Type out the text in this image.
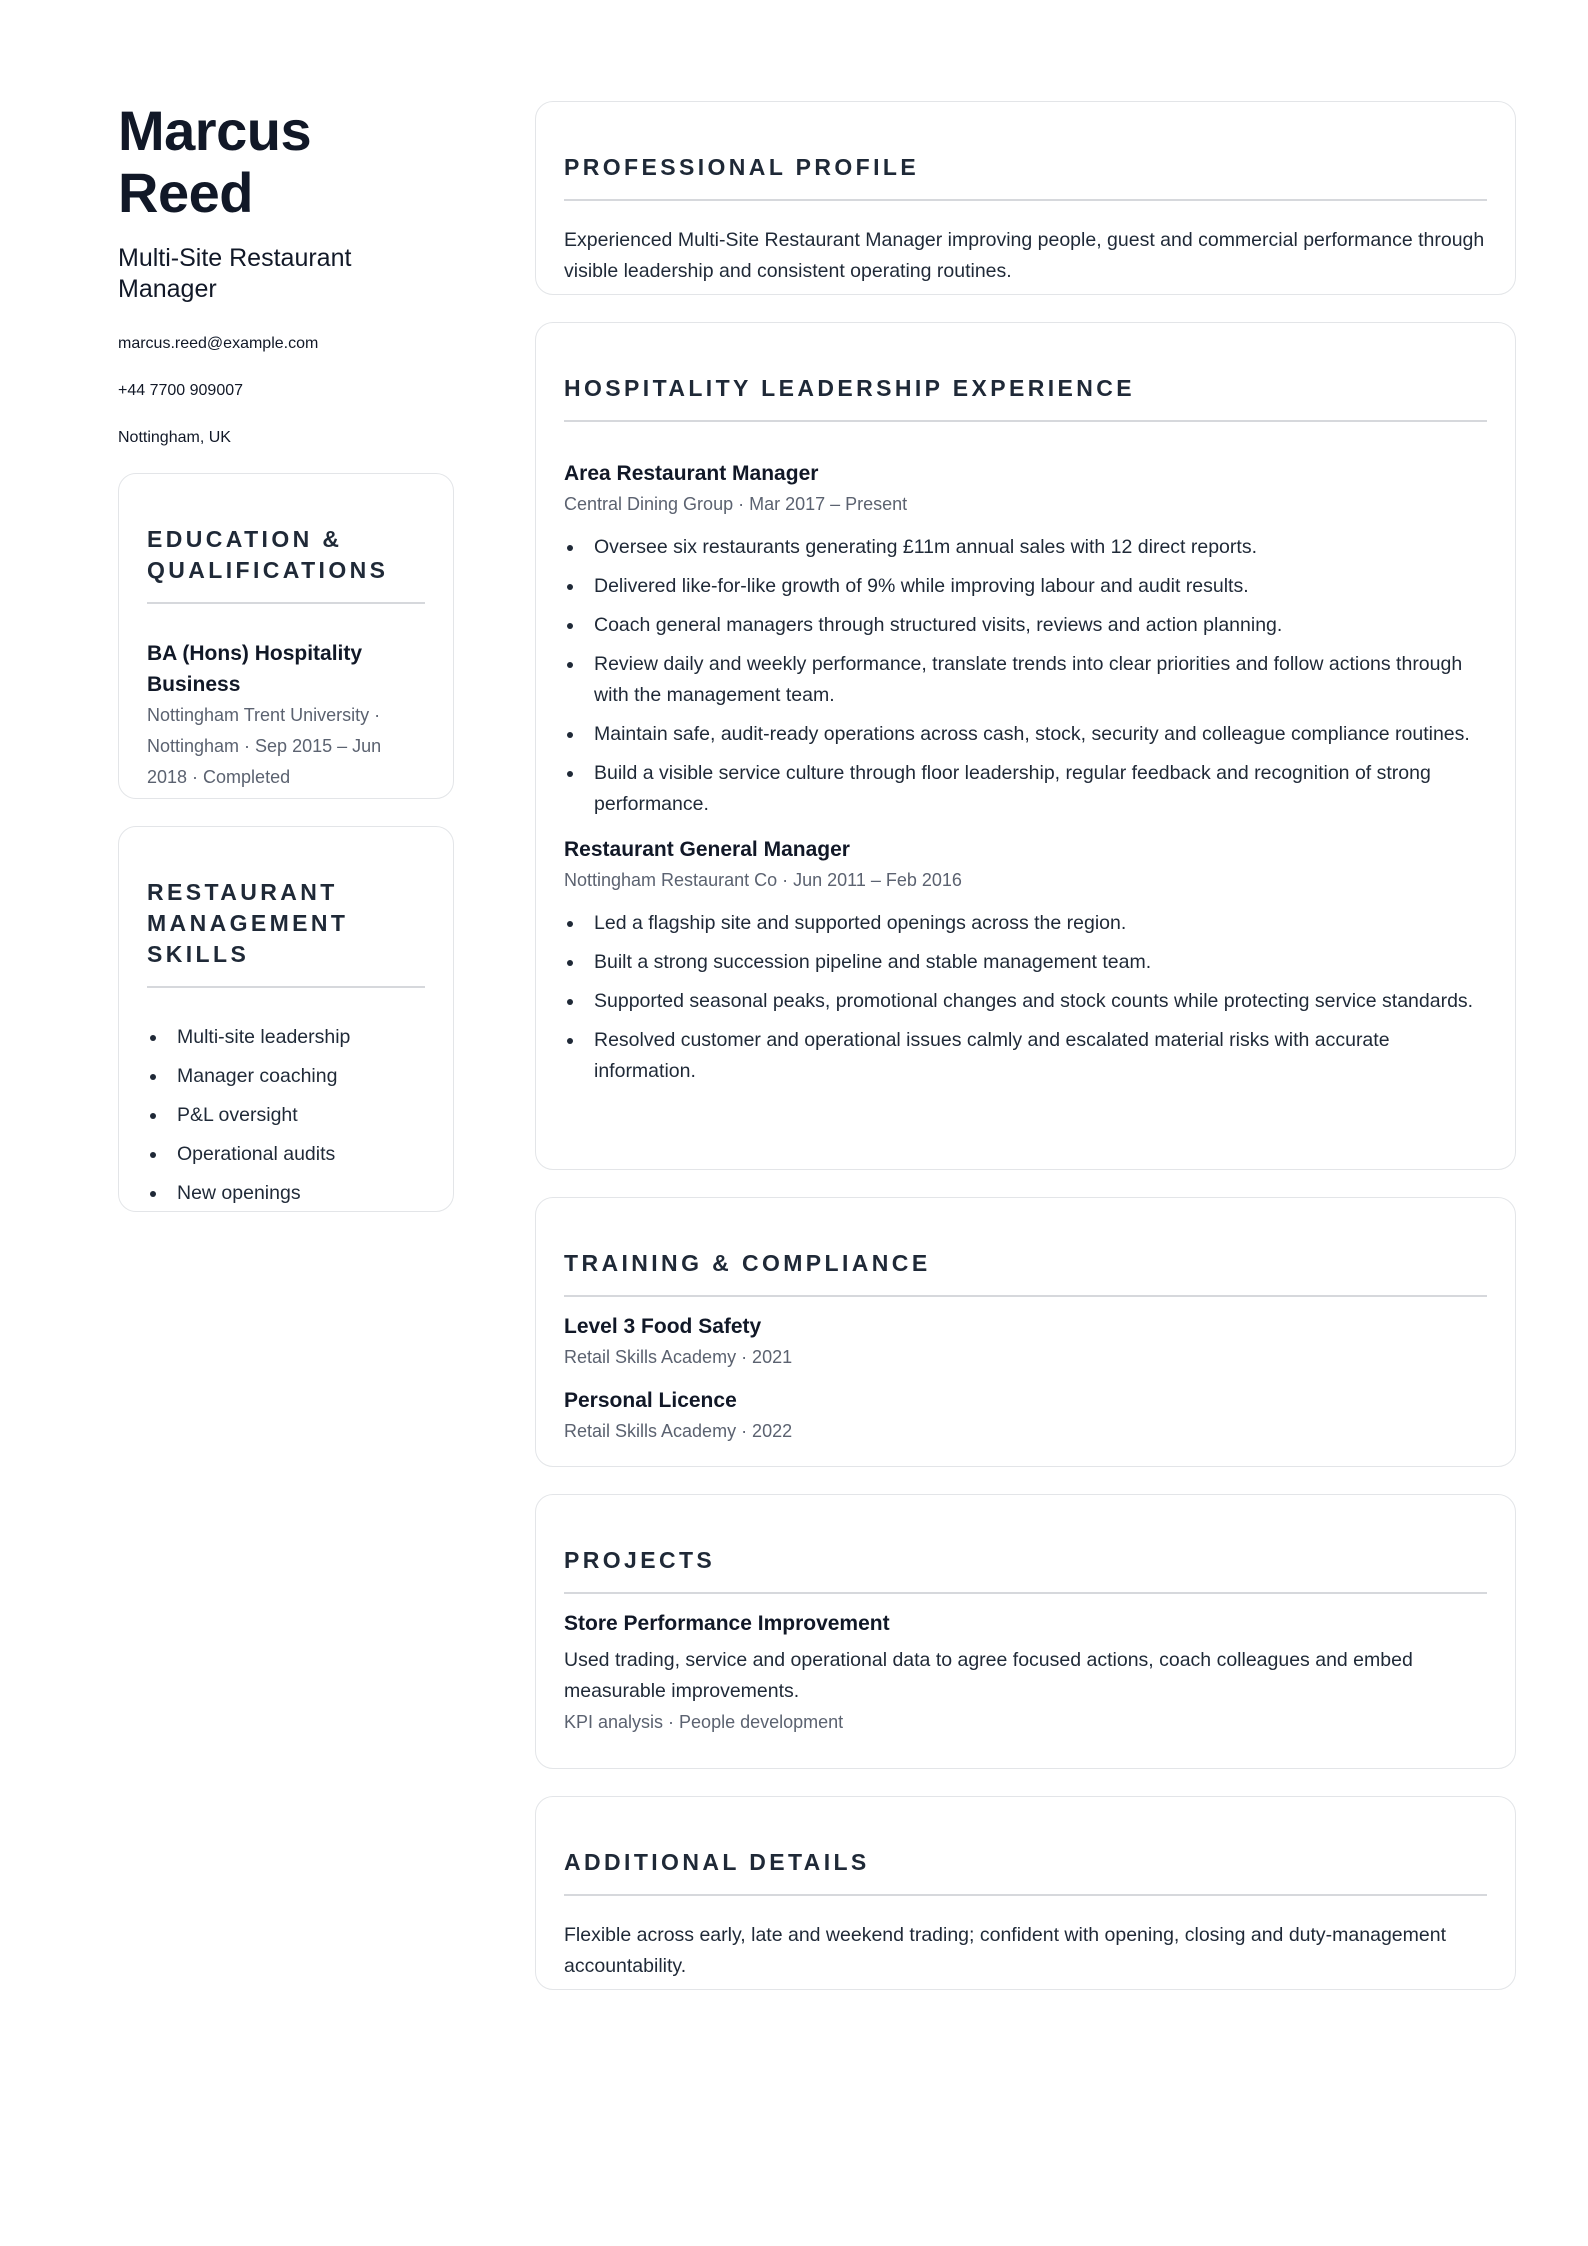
Marcus Reed
Multi-Site Restaurant Manager
marcus.reed@example.com
+44 7700 909007
Nottingham, UK
EDUCATION & QUALIFICATIONS
BA (Hons) Hospitality Business
Nottingham Trent University · Nottingham · Sep 2015 – Jun 2018 · Completed
RESTAURANT MANAGEMENT SKILLS
Multi-site leadership
Manager coaching
P&L oversight
Operational audits
New openings
PROFESSIONAL PROFILE
Experienced Multi-Site Restaurant Manager improving people, guest and commercial performance through visible leadership and consistent operating routines.
HOSPITALITY LEADERSHIP EXPERIENCE
Area Restaurant Manager
Central Dining Group · Mar 2017 – Present
Oversee six restaurants generating £11m annual sales with 12 direct reports.
Delivered like-for-like growth of 9% while improving labour and audit results.
Coach general managers through structured visits, reviews and action planning.
Review daily and weekly performance, translate trends into clear priorities and follow actions through with the management team.
Maintain safe, audit-ready operations across cash, stock, security and colleague compliance routines.
Build a visible service culture through floor leadership, regular feedback and recognition of strong performance.
Restaurant General Manager
Nottingham Restaurant Co · Jun 2011 – Feb 2016
Led a flagship site and supported openings across the region.
Built a strong succession pipeline and stable management team.
Supported seasonal peaks, promotional changes and stock counts while protecting service standards.
Resolved customer and operational issues calmly and escalated material risks with accurate information.
TRAINING & COMPLIANCE
Level 3 Food Safety
Retail Skills Academy · 2021
Personal Licence
Retail Skills Academy · 2022
PROJECTS
Store Performance Improvement
Used trading, service and operational data to agree focused actions, coach colleagues and embed measurable improvements.
KPI analysis · People development
ADDITIONAL DETAILS
Flexible across early, late and weekend trading; confident with opening, closing and duty-management accountability.
